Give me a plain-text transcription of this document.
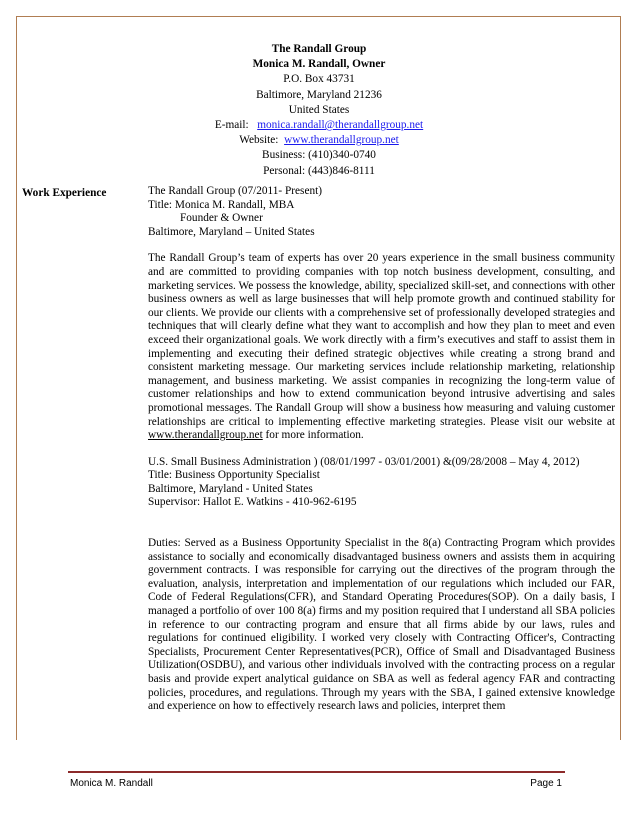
The Randall Group
Monica M. Randall, Owner
P.O. Box 43731
Baltimore, Maryland 21236
United States
E-mail: monica.randall@therandallgroup.net
Website: www.therandallgroup.net
Business: (410)340-0740
Personal: (443)846-8111
Work Experience	The Randall Group (07/2011- Present)

Title: Monica M. Randall, MBA

Founder & Owner

Baltimore, Maryland – United States

The Randall Group’s team of experts has over 20 years experience in the small business community and are committed to providing companies with top notch business development, consulting, and marketing services. We possess the knowledge, ability, specialized skill-set, and connections with other business owners as well as large businesses that will help promote growth and continued stability for our clients. We provide our clients with a comprehensive set of professionally developed strategies and techniques that will clearly define what they want to accomplish and how they plan to meet and even exceed their organizational goals. We work directly with a firm’s executives and staff to assist them in implementing and executing their defined strategic objectives while creating a strong brand and consistent marketing message. Our marketing services include relationship marketing, relationship management, and business marketing. We assist companies in recognizing the long-term value of customer relationships and how to extend communication beyond intrusive advertising and sales promotional messages. The Randall Group will show a business how measuring and valuing customer relationships are critical to implementing effective marketing strategies. Please visit our website at www.therandallgroup.net for more information.

U.S. Small Business Administration ) (08/01/1997 - 03/01/2001) &(09/28/2008 – May 4, 2012)

Title: Business Opportunity Specialist

Baltimore, Maryland - United States

Supervisor: Hallot E. Watkins - 410-962-6195

Duties: Served as a Business Opportunity Specialist in the 8(a) Contracting Program which provides assistance to socially and economically disadvantaged business owners and assists them in acquiring government contracts. I was responsible for carrying out the directives of the program through the evaluation, analysis, interpretation and implementation of our regulations which included our FAR, Code of Federal Regulations(CFR), and Standard Operating Procedures(SOP). On a daily basis, I managed a portfolio of over 100 8(a) firms and my position required that I understand all SBA policies in reference to our contracting program and ensure that all firms abide by our laws, rules and regulations for continued eligibility. I worked very closely with Contracting Officer's, Contracting Specialists, Procurement Center Representatives(PCR), Office of Small and Disadvantaged Business Utilization(OSDBU), and various other individuals involved with the contracting process on a regular basis and provide expert analytical guidance on SBA as well as federal agency FAR and contracting policies, procedures, and regulations. Through my years with the SBA, I gained extensive knowledge and experience on how to effectively research laws and policies, interpret them

Monica M. Randall	Page 1
